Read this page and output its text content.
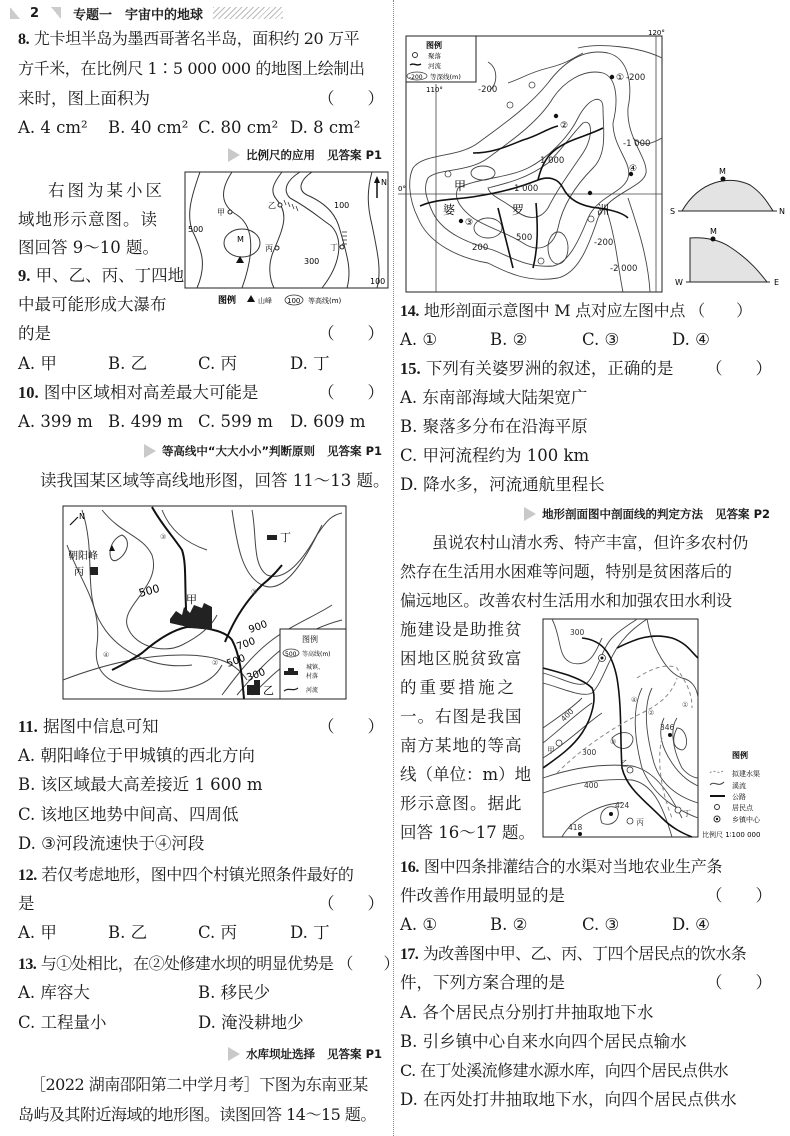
2	专题一　宇宙中的地球
8. 尤卡坦半岛为墨西哥著名半岛，面积约 20 万平
方千米，在比例尺 1∶5 000 000 的地图上绘制出
来时，图上面积为	（　　）
A. 4 cm² B. 40 cm² C. 80 cm² D. 8 cm²
比例尺的应用 见答案 P1
右图为某小区
域地形示意图。读
图回答 9～10 题。
N
甲
乙
丙	丁
M
500
100
300
100
图例	山峰 100 等高线(m)
9. 甲、乙、丙、丁四地
中最可能形成大瀑布
的是	（　　）
A. 甲	B. 乙	C. 丙	D. 丁
10. 图中区域相对高差最大可能是	（　　）
A. 399 m B. 499 m C. 599 m D. 609 m
等高线中“大大小小”判断原则 见答案 P1
读我国某区域等高线地形图，回答 11～13 题。
甲
丁
丙
朝阳峰
乙
500
900
700
500
300
①
②
③
④
N
图例
500 等高线(m)
城镇、
村落
河流
11. 据图中信息可知	（　　）
A. 朝阳峰位于甲城镇的西北方向
B. 该区域最大高差接近 1 600 m
C. 该地区地势中间高、四周低
D. ③河段流速快于④河段
12. 若仅考虑地形，图中四个村镇光照条件最好的
是	（　　）
A. 甲	B. 乙	C. 丙	D. 丁
13. 与①处相比，在②处修建水坝的明显优势是 （　　）
A. 库容大	B. 移民少
C. 工程量小	D. 淹没耕地少
水库坝址选择 见答案 P1
［2022 湖南邵阳第二中学月考］下图为东南亚某
岛屿及其附近海域的地形图。读图回答 14～15 题。
①
②
③
④
甲
婆	罗	洲
-200
-200
-1 000
1 000
1 000
500
200	-200
-2 000
120°
110°
0°
图例
聚落
河流
-200 等深线(m)
M
S	N
M
W	E
14. 地形剖面示意图中 M 点对应左图中点 （　　）
A. ①	B. ②	C. ③	D. ④
15. 下列有关婆罗洲的叙述，正确的是 （　　）
A. 东南部海域大陆架宽广
B. 聚落多分布在沿海平原
C. 甲河流程约为 100 km
D. 降水多，河流通航里程长
地形剖面图中剖面线的判定方法 见答案 P2
虽说农村山清水秀、特产丰富，但许多农村仍
然存在生活用水困难等问题，特别是贫困落后的
偏远地区。改善农村生活用水和加强农田水利设
施建设是助推贫
困地区脱贫致富
的重要措施之
一。右图是我国
南方某地的等高
线（单位：m）地
形示意图。据此
回答 16～17 题。
甲
乙
丙
丁
300
400
300
400
346
424
418
①
②
③
④
图例
拟建水渠
溪流
公路
居民点
乡镇中心
比例尺 1∶100 000
16. 图中四条排灌结合的水渠对当地农业生产条
件改善作用最明显的是	（　　）
A. ①	B. ②	C. ③	D. ④
17. 为改善图中甲、乙、丙、丁四个居民点的饮水条
件，下列方案合理的是	（　　）
A. 各个居民点分别打井抽取地下水
B. 引乡镇中心自来水向四个居民点输水
C. 在丁处溪流修建水源水库，向四个居民点供水
D. 在丙处打井抽取地下水，向四个居民点供水
